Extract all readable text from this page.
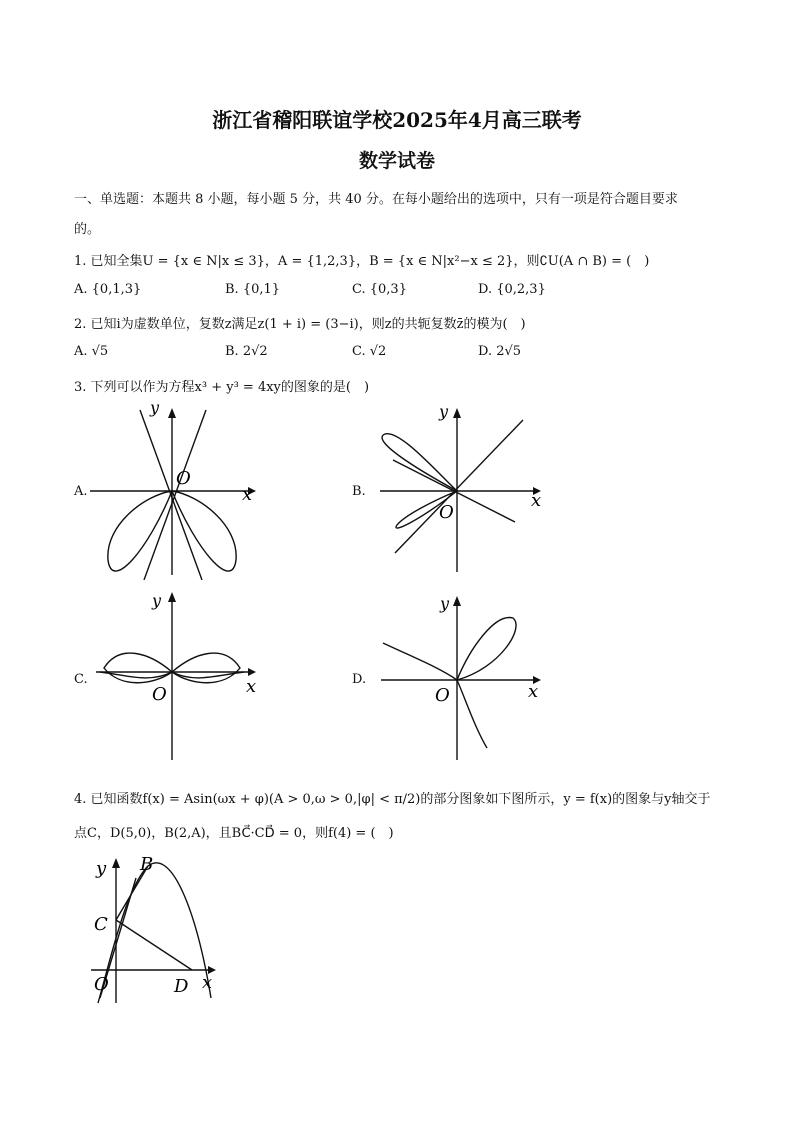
浙江省稽阳联谊学校2025年4月高三联考
数学试卷
一、单选题：本题共 8 小题，每小题 5 分，共 40 分。在每小题给出的选项中，只有一项是符合题目要求
的。
1. 已知全集U = {x ∈ N|x ≤ 3}，A = {1,2,3}，B = {x ∈ N|x²−x ≤ 2}，则∁U(A ∩ B) = (　)
A. {0,1,3}	B. {0,1}	C. {0,3}	D. {0,2,3}
2. 已知i为虚数单位，复数z满足z(1 + i) = (3−i)，则z的共轭复数z̄的模为(　)
A. √5	B. 2√2	C. √2	D. 2√5
3. 下列可以作为方程x³ + y³ = 4xy的图象的是(　)
A.
y
x
O
B.
y
x
O
C.
y
x
O
D.
y
x
O
4. 已知函数f(x) = Asin(ωx + φ)(A > 0,ω > 0,|φ| < π/2)的部分图象如下图所示，y = f(x)的图象与y轴交于
点C，D(5,0)，B(2,A)，且BC⃗·CD⃗ = 0，则f(4) = (　)
y
x
O
B
C
D
